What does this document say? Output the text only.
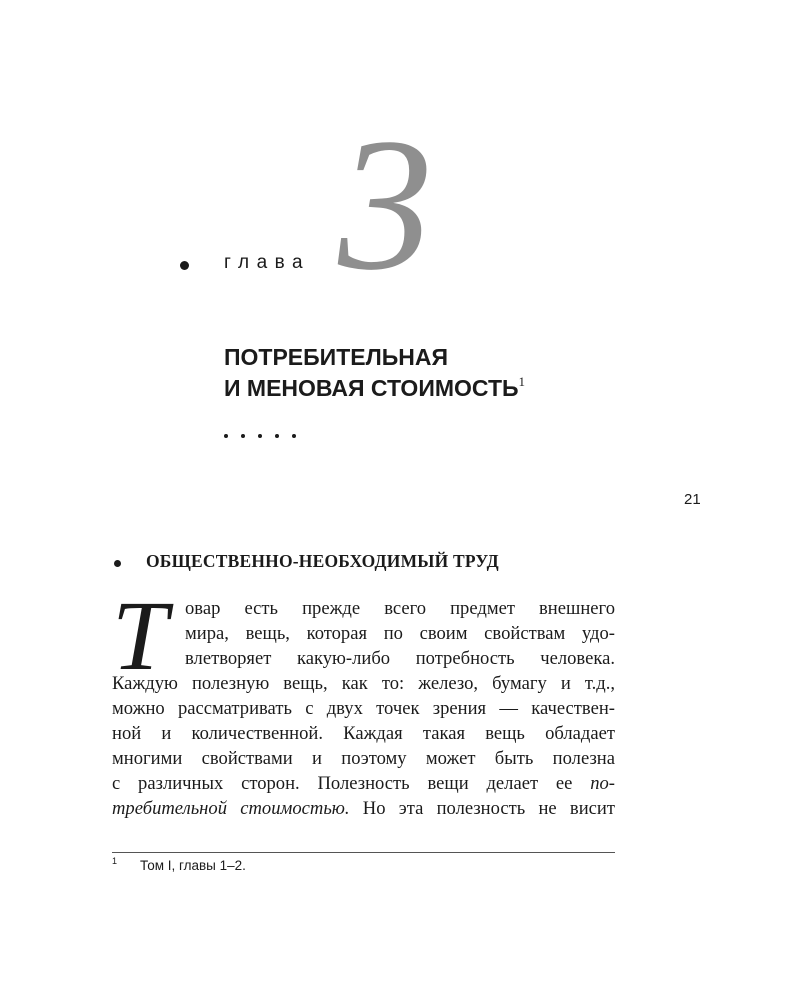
глава 3
ПОТРЕБИТЕЛЬНАЯ
И МЕНОВАЯ СТОИМОСТЬ$^1$
21
ОБЩЕСТВЕННО-НЕОБХОДИМЫЙ ТРУД
Т овар есть прежде всего предмет внешнего
мира, вещь, которая по своим свойствам удо-
влетворяет какую-либо потребность человека.
Каждую полезную вещь, как то: железо, бумагу и т.д.,
можно рассматривать с двух точек зрения — качествен-
ной и количественной. Каждая такая вещь обладает
многими свойствами и поэтому может быть полезна
с различных сторон. Полезность вещи делает ее по-
требительной стоимостью. Но эта полезность не висит
1 Том I, главы 1–2.
